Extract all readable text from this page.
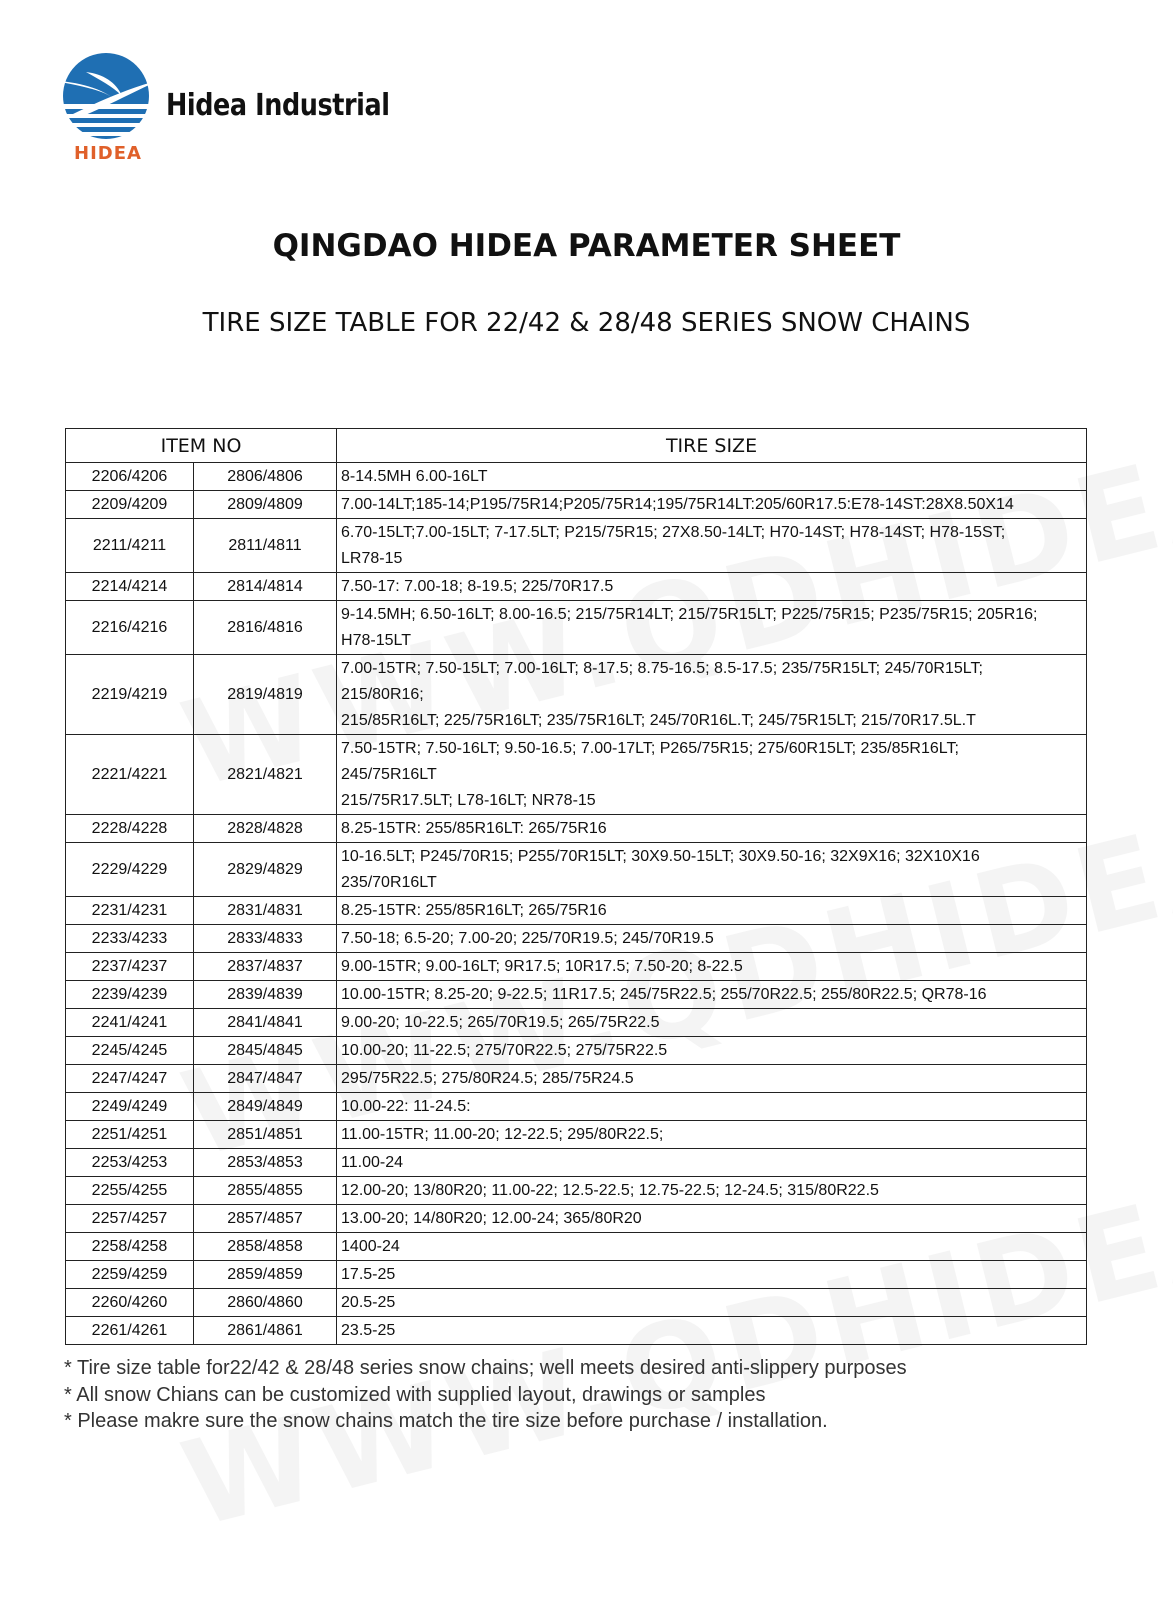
HIDEA
Hidea Industrial
QINGDAO HIDEA PARAMETER SHEET
TIRE SIZE TABLE FOR 22/42 & 28/48 SERIES SNOW CHAINS
ITEM NO		TIRE SIZE
2206/4206	2806/4806	8-14.5MH 6.00-16LT

2209/4209	2809/4809	7.00-14LT;185-14;P195/75R14;P205/75R14;195/75R14LT:205/60R17.5:E78-14ST:28X8.50X14

2211/4211	2811/4811	6.70-15LT;7.00-15LT; 7-17.5LT; P215/75R15; 27X8.50-14LT; H70-14ST; H78-14ST; H78-15ST;
LR78-15

2214/4214	2814/4814	7.50-17: 7.00-18; 8-19.5; 225/70R17.5

2216/4216	2816/4816	9-14.5MH; 6.50-16LT; 8.00-16.5; 215/75R14LT; 215/75R15LT; P225/75R15; P235/75R15; 205R16;
H78-15LT

2219/4219	2819/4819	7.00-15TR; 7.50-15LT; 7.00-16LT; 8-17.5; 8.75-16.5; 8.5-17.5; 235/75R15LT; 245/70R15LT;
215/80R16;
215/85R16LT; 225/75R16LT; 235/75R16LT; 245/70R16L.T; 245/75R15LT; 215/70R17.5L.T

2221/4221	2821/4821	7.50-15TR; 7.50-16LT; 9.50-16.5; 7.00-17LT; P265/75R15; 275/60R15LT; 235/85R16LT;
245/75R16LT
215/75R17.5LT; L78-16LT; NR78-15

2228/4228	2828/4828	8.25-15TR: 255/85R16LT: 265/75R16

2229/4229	2829/4829	10-16.5LT; P245/70R15; P255/70R15LT; 30X9.50-15LT; 30X9.50-16; 32X9X16; 32X10X16
235/70R16LT

2231/4231	2831/4831	8.25-15TR: 255/85R16LT; 265/75R16

2233/4233	2833/4833	7.50-18; 6.5-20; 7.00-20; 225/70R19.5; 245/70R19.5

2237/4237	2837/4837	9.00-15TR; 9.00-16LT; 9R17.5; 10R17.5; 7.50-20; 8-22.5

2239/4239	2839/4839	10.00-15TR; 8.25-20; 9-22.5; 11R17.5; 245/75R22.5; 255/70R22.5; 255/80R22.5; QR78-16

2241/4241	2841/4841	9.00-20; 10-22.5; 265/70R19.5; 265/75R22.5

2245/4245	2845/4845	10.00-20; 11-22.5; 275/70R22.5; 275/75R22.5

2247/4247	2847/4847	295/75R22.5; 275/80R24.5; 285/75R24.5

2249/4249	2849/4849	10.00-22: 11-24.5:

2251/4251	2851/4851	11.00-15TR; 11.00-20; 12-22.5; 295/80R22.5;

2253/4253	2853/4853	11.00-24

2255/4255	2855/4855	12.00-20; 13/80R20; 11.00-22; 12.5-22.5; 12.75-22.5; 12-24.5; 315/80R22.5

2257/4257	2857/4857	13.00-20; 14/80R20; 12.00-24; 365/80R20

2258/4258	2858/4858	1400-24

2259/4259	2859/4859	17.5-25

2260/4260	2860/4860	20.5-25

2261/4261	2861/4861	23.5-25
* Tire size table for22/42 & 28/48 series snow chains; well meets desired anti-slippery purposes
* All snow Chians can be customized with supplied layout, drawings or samples
* Please makre sure the snow chains match the tire size before purchase / installation.
